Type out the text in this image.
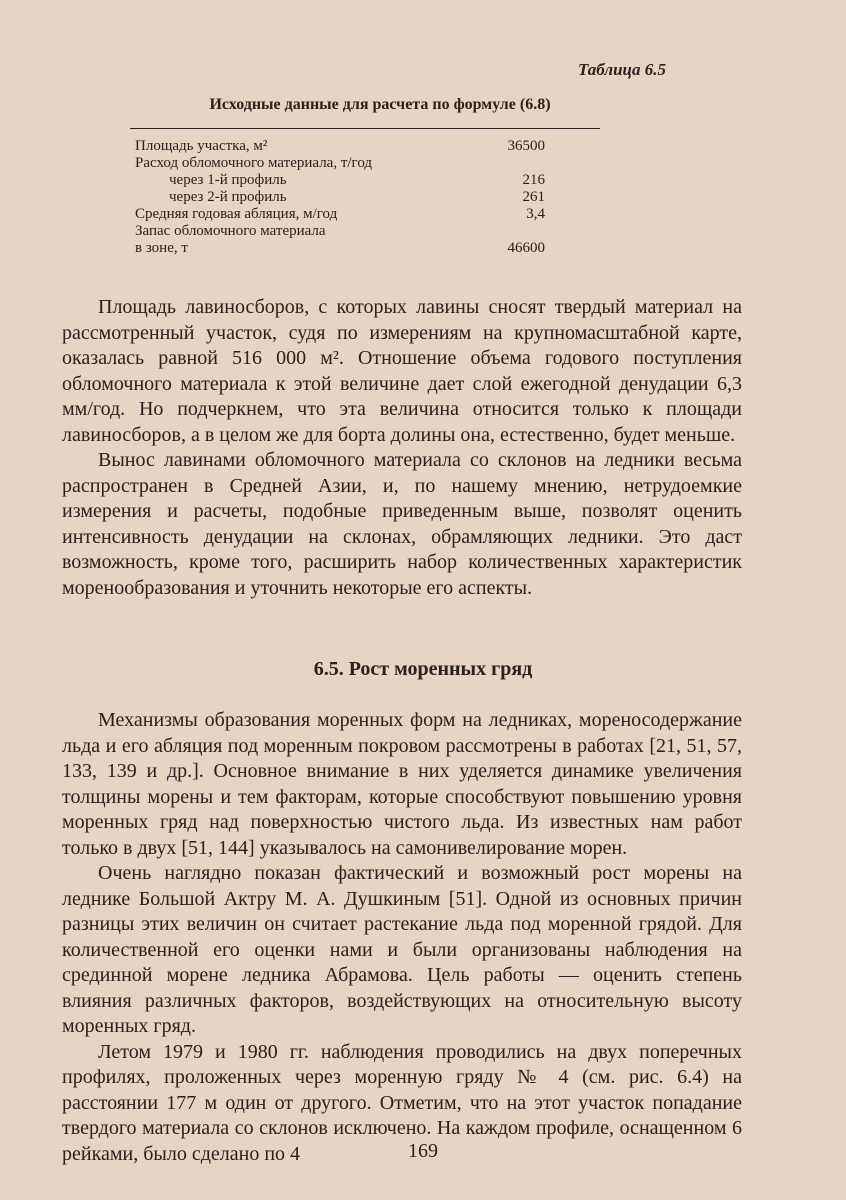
Таблица 6.5
Исходные данные для расчета по формуле (6.8)
Площадь участка, м²	36500
Расход обломочного материала, т/год
через 1-й профиль	216
через 2-й профиль	261
Средняя годовая абляция, м/год	3,4
Запас обломочного материала
в зоне, т	46600

Площадь лавиносборов, с которых лавины сносят твердый материал на рассмотренный участок, судя по измерениям на крупномасштабной карте, оказалась равной 516 000 м². Отношение объема годового поступления обломочного материала к этой величине дает слой ежегодной денудации 6,3 мм/год. Но подчеркнем, что эта величина относится только к площади лавиносборов, а в целом же для борта долины она, естественно, будет меньше.

Вынос лавинами обломочного материала со склонов на ледники весьма распространен в Средней Азии, и, по нашему мнению, нетрудоемкие измерения и расчеты, подобные приведенным выше, позволят оценить интенсивность денудации на склонах, обрамляющих ледники. Это даст возможность, кроме того, расширить набор количественных характеристик моренообразования и уточнить некоторые его аспекты.

6.5. Рост моренных гряд

Механизмы образования моренных форм на ледниках, мореносодержание льда и его абляция под моренным покровом рассмотрены в работах [21, 51, 57, 133, 139 и др.]. Основное внимание в них уделяется динамике увеличения толщины морены и тем факторам, которые способствуют повышению уровня моренных гряд над поверхностью чистого льда. Из известных нам работ только в двух [51, 144] указывалось на самонивелирование морен.

Очень наглядно показан фактический и возможный рост морены на леднике Большой Актру М. А. Душкиным [51]. Одной из основных причин разницы этих величин он считает растекание льда под моренной грядой. Для количественной его оценки нами и были организованы наблюдения на срединной морене ледника Абрамова. Цель работы — оценить степень влияния различных факторов, воздействующих на относительную высоту моренных гряд.

Летом 1979 и 1980 гг. наблюдения проводились на двух поперечных профилях, проложенных через моренную гряду № 4 (см. рис. 6.4) на расстоянии 177 м один от другого. Отметим, что на этот участок попадание твердого материала со склонов исключено. На каждом профиле, оснащенном 6 рейками, было сделано по 4	169
